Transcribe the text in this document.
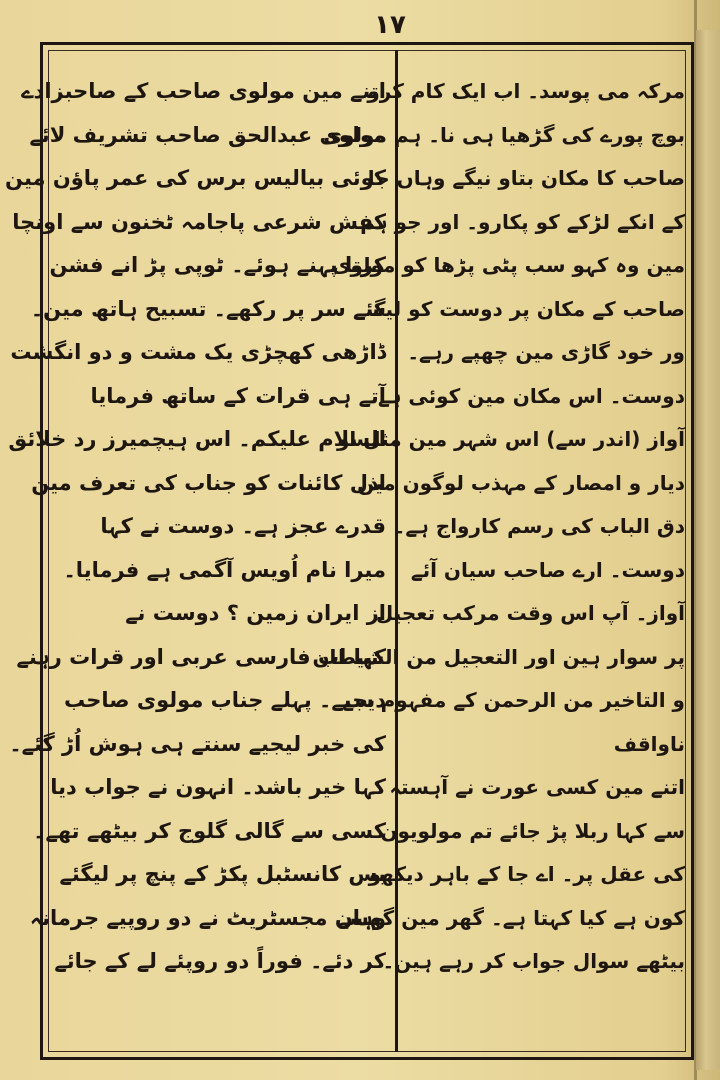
۱۷
مرکہ می پوسد۔ اب ایک کام کرو۔
بوچ پورے کی گڑھیا ہی نا۔ ہم مولوی
صاحب کا مکان بتاو نیگے وہاں جا
کے انکے لڑکے کو پکارو۔ اور جو ہم
مین وہ کہو سب پٹی پڑھا کو مولوی
صاحب کے مکان پر دوست کو لیگئے
ور خود گاڑی مین چھپے رہے۔
دوست۔ اس مکان مین کوئی ہے۔
آواز (اندر سے) اس شہر مین مثل او
دیار و امصار کے مہذب لوگون مین
دق الباب کی رسم کارواج ہے۔
دوست۔ ارے صاحب سیان آئے
آواز۔ آپ اس وقت مرکب تعجیل
پر سوار ہین اور التعجیل من الشیطان
و التاخیر من الرحمن کے مفہوم سے
ناواقف
اتنے مین کسی عورت نے آہستہ
سے کہا ربلا پڑ جائے تم مولویون
کی عقل پر۔ اے جا کے باہر دیکھو
کون ہے کیا کہتا ہے۔ گھر مین گھسے
بیٹھے سوال جواب کر رہے ہین۔
اتنے مین مولوی صاحب کے صاحبزادے
مولوی عبدالحق صاحب تشریف لائے
کوئی بیالیس برس کی عمر پاؤن مین
کفش شرعی پاجامہ ٹخنون سے اونچا
کرتا پہنے ہوئے۔ ٹوپی پڑ انے فشن
سے سر پر رکھے۔ تسبیح ہاتھ مین۔
ڈاڑھی کھچڑی یک مشت و دو انگشت
آتے ہی قرات کے ساتھ فرمایا
السلام علیکم۔ اس ہیچمیرز رد خلائق
اذل کائنات کو جناب کی تعرف مین
قدرے عجز ہے۔ دوست نے کہا
میرا نام اُویس آگمی ہے فرمایا۔
از ایران زمین ؟ دوست نے
کہا اب فارسی عربی اور قرات رہنے
دیجیے۔ پہلے جناب مولوی صاحب
کی خبر لیجیے سنتے ہی ہوش اُڑ گئے۔
کہا خیر باشد۔ انہون نے جواب دیا
کسی سے گالی گلوج کر بیٹھے تھے۔
بس کانسٹبل پکڑ کے پنچ پر لیگئے
وہان مجسٹریٹ نے دو روپیے جرمانہ
کر دئے۔ فوراً دو روپئے لے کے جائے
